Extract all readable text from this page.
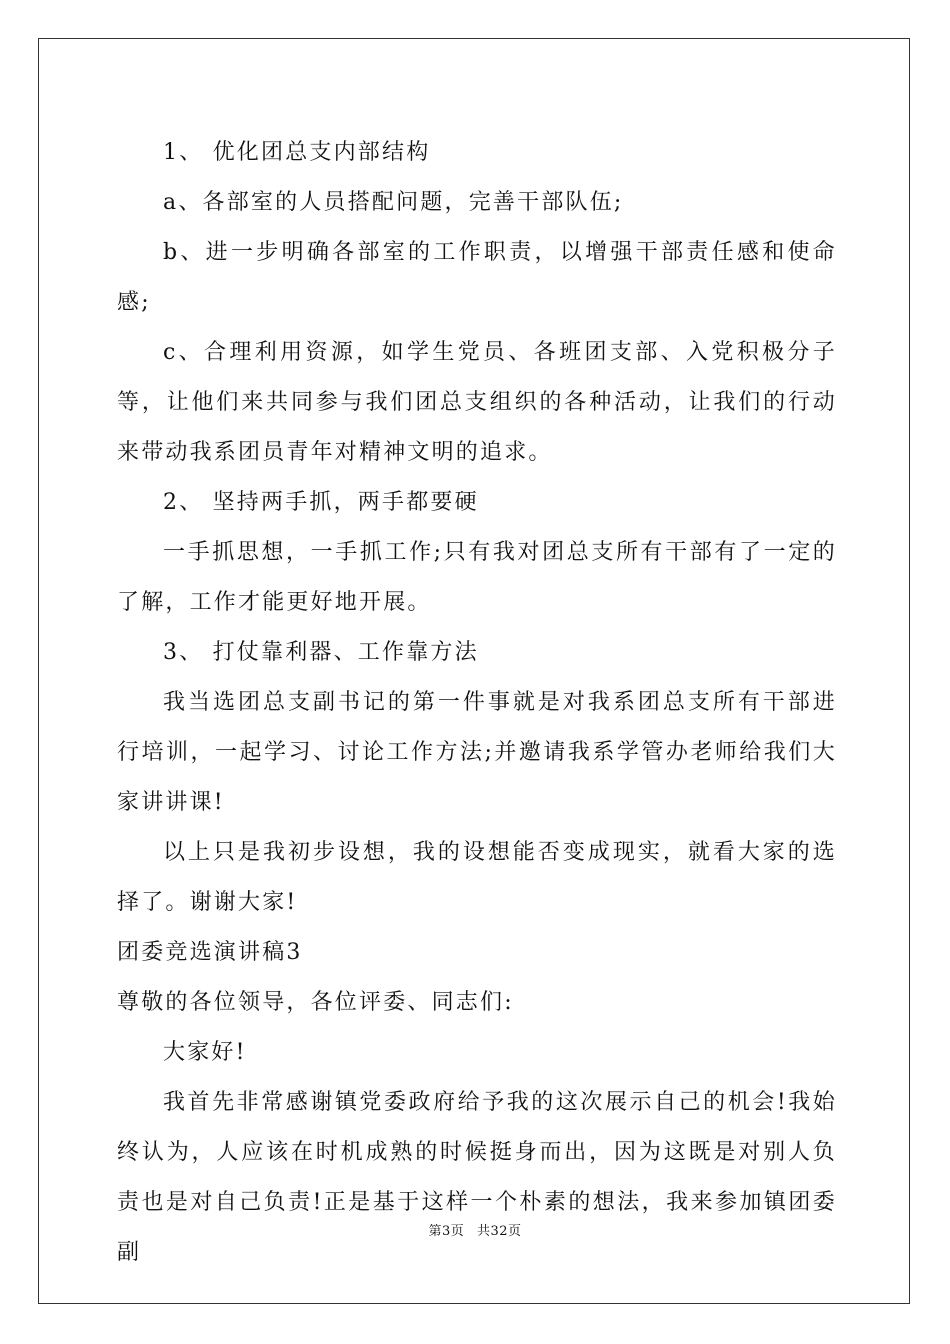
1、 优化团总支内部结构

a、各部室的人员搭配问题，完善干部队伍;

b、进一步明确各部室的工作职责，以增强干部责任感和使命感;

c、合理利用资源，如学生党员、各班团支部、入党积极分子等，让他们来共同参与我们团总支组织的各种活动，让我们的行动来带动我系团员青年对精神文明的追求。

2、 坚持两手抓，两手都要硬

一手抓思想，一手抓工作;只有我对团总支所有干部有了一定的了解，工作才能更好地开展。

3、 打仗靠利器、工作靠方法

我当选团总支副书记的第一件事就是对我系团总支所有干部进行培训，一起学习、讨论工作方法;并邀请我系学管办老师给我们大家讲讲课!

以上只是我初步设想，我的设想能否变成现实，就看大家的选择了。谢谢大家!

团委竞选演讲稿3

尊敬的各位领导，各位评委、同志们:

大家好!

我首先非常感谢镇党委政府给予我的这次展示自己的机会!我始终认为，人应该在时机成熟的时候挺身而出，因为这既是对别人负责也是对自己负责!正是基于这样一个朴素的想法，我来参加镇团委副

第3页 共32页
